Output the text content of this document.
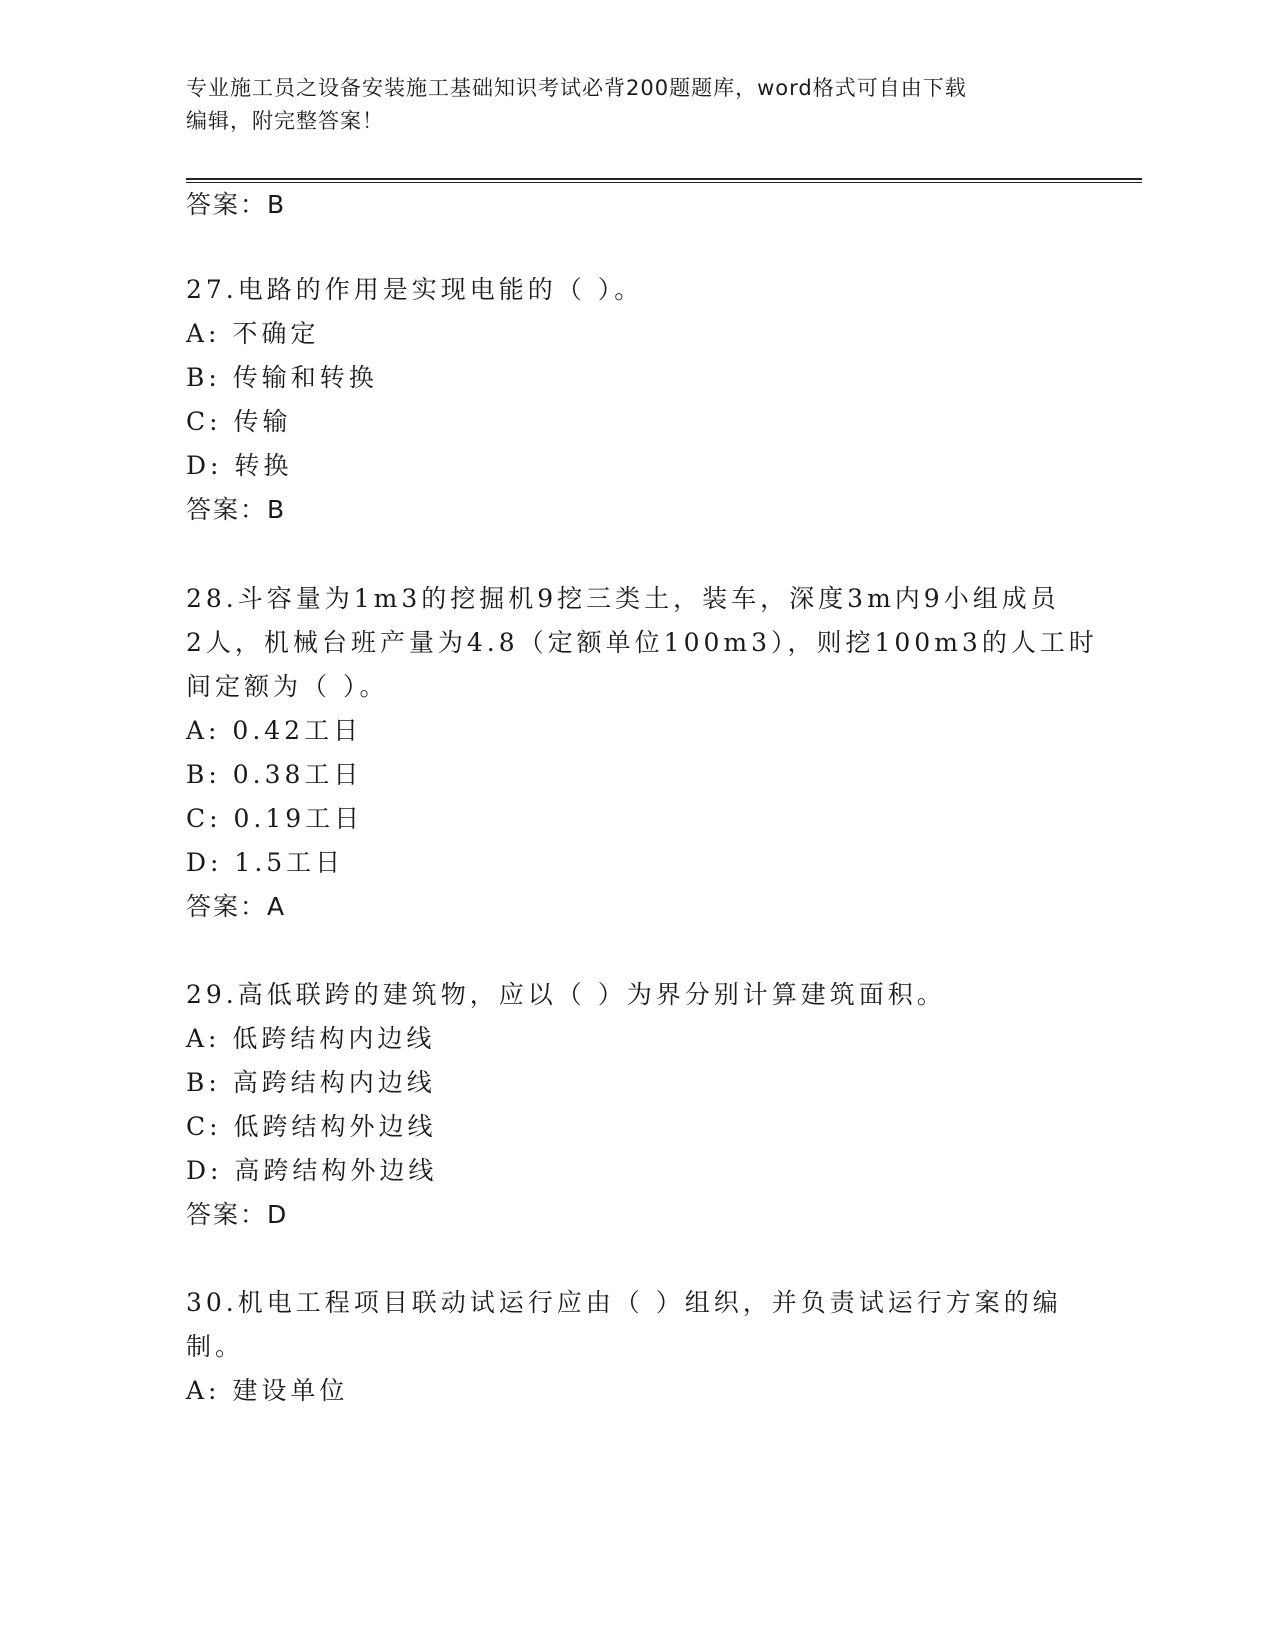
专业施工员之设备安装施工基础知识考试必背200题题库，word格式可自由下载
编辑，附完整答案！
答案：B
27.电路的作用是实现电能的（ ）。
A: 不确定
B: 传输和转换
C: 传输
D: 转换
答案：B
28.斗容量为1m3的挖掘机9挖三类土，装车，深度3m内9小组成员
2人，机械台班产量为4.8（定额单位100m3），则挖100m3的人工时
间定额为（ ）。
A: 0.42工日
B: 0.38工日
C: 0.19工日
D: 1.5工日
答案：A
29.高低联跨的建筑物，应以（ ）为界分别计算建筑面积。
A: 低跨结构内边线
B: 高跨结构内边线
C: 低跨结构外边线
D: 高跨结构外边线
答案：D
30.机电工程项目联动试运行应由（ ）组织，并负责试运行方案的编
制。
A: 建设单位
